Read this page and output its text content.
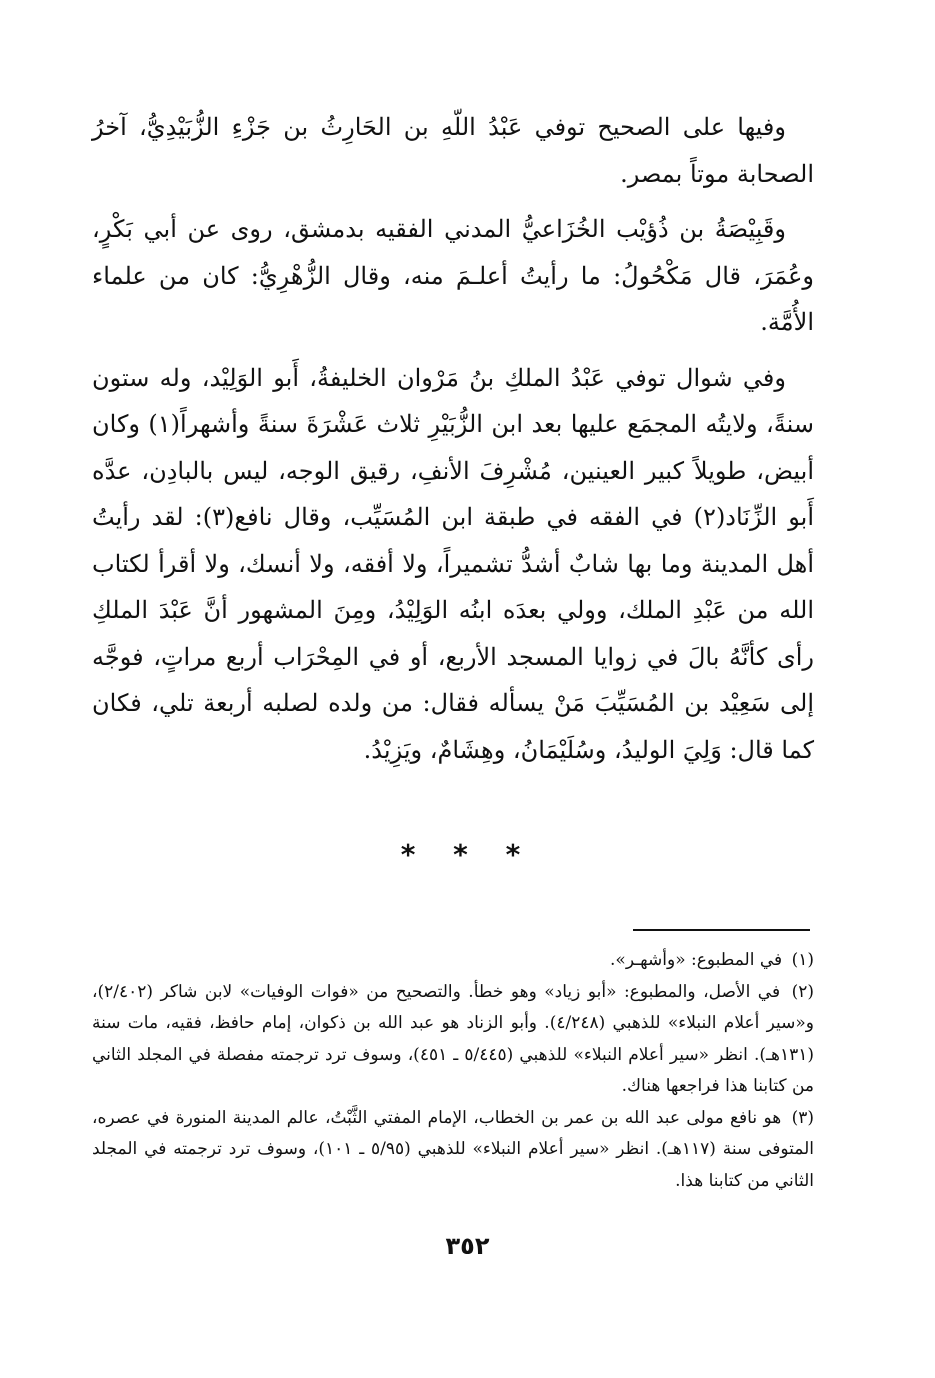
وفيها على الصحيح توفي عَبْدُ اللّهِ بن الحَارِثُ بن جَزْءِ الزُّبَيْدِيُّ، آخرُ الصحابة موتاً بمصر.

وقَبِيْصَةُ بن ذُؤيْب الخُزَاعيُّ المدني الفقيه بدمشق، روى عن أبي بَكْرٍ، وعُمَرَ، قال مَكْحُولُ: ما رأيتُ أعلـمَ منه، وقال الزُّهْرِيُّ: كان من علماء الأُمَّة.

وفي شوال توفي عَبْدُ الملكِ بنُ مَرْوان الخليفةُ، أَبو الوَلِيْد، وله ستون سنةً، ولايتُه المجمَع عليها بعد ابن الزُّبَيْرِ ثلاث عَشْرَةَ سنةً وأشهراً(١) وكان أبيض، طويلاً كبير العينين، مُشْرِفَ الأنفِ، رقيق الوجه، ليس بالبادِن، عدَّه أَبو الزِّنَاد(٢) في الفقه في طبقة ابن المُسَيِّب، وقال نافع(٣): لقد رأيتُ أهل المدينة وما بها شابٌ أشدُّ تشميراً، ولا أفقه، ولا أنسك، ولا أقرأ لكتاب الله من عَبْدِ الملك، وولي بعدَه ابنُه الوَلِيْدُ، ومِنَ المشهور أنَّ عَبْدَ الملكِ رأى كأنَّهُ بالَ في زوايا المسجد الأربع، أو في المِحْرَاب أربع مراتٍ، فوجَّه إلى سَعِيْد بن المُسَيِّبَ مَنْ يسأله فقال: من ولده لصلبه أربعة تلي، فكان كما قال: وَلِيَ الوليدُ، وسُلَيْمَانُ، وهِشَامٌ، ويَزِيْدُ.

* * *

(١) في المطبوع: «وأشهـر».

(٢) في الأصل، والمطبوع: «أبو زياد» وهو خطأ. والتصحيح من «فوات الوفيات» لابن شاكر (٢/٤٠٢)، و«سير أعلام النبلاء» للذهبي (٤/٢٤٨). وأبو الزناد هو عبد الله بن ذكوان، إمام حافظ، فقيه، مات سنة (١٣١هـ). انظر «سير أعلام النبلاء» للذهبي (٥/٤٤٥ ـ ٤٥١)، وسوف ترد ترجمته مفصلة في المجلد الثاني من كتابنا هذا فراجعها هناك.

(٣) هو نافع مولى عبد الله بن عمر بن الخطاب، الإمام المفتي الثَّبْتُ، عالم المدينة المنورة في عصره، المتوفى سنة (١١٧هـ). انظر «سير أعلام النبلاء» للذهبي (٥/٩٥ ـ ١٠١)، وسوف ترد ترجمته في المجلد الثاني من كتابنا هذا.

٣٥٢
